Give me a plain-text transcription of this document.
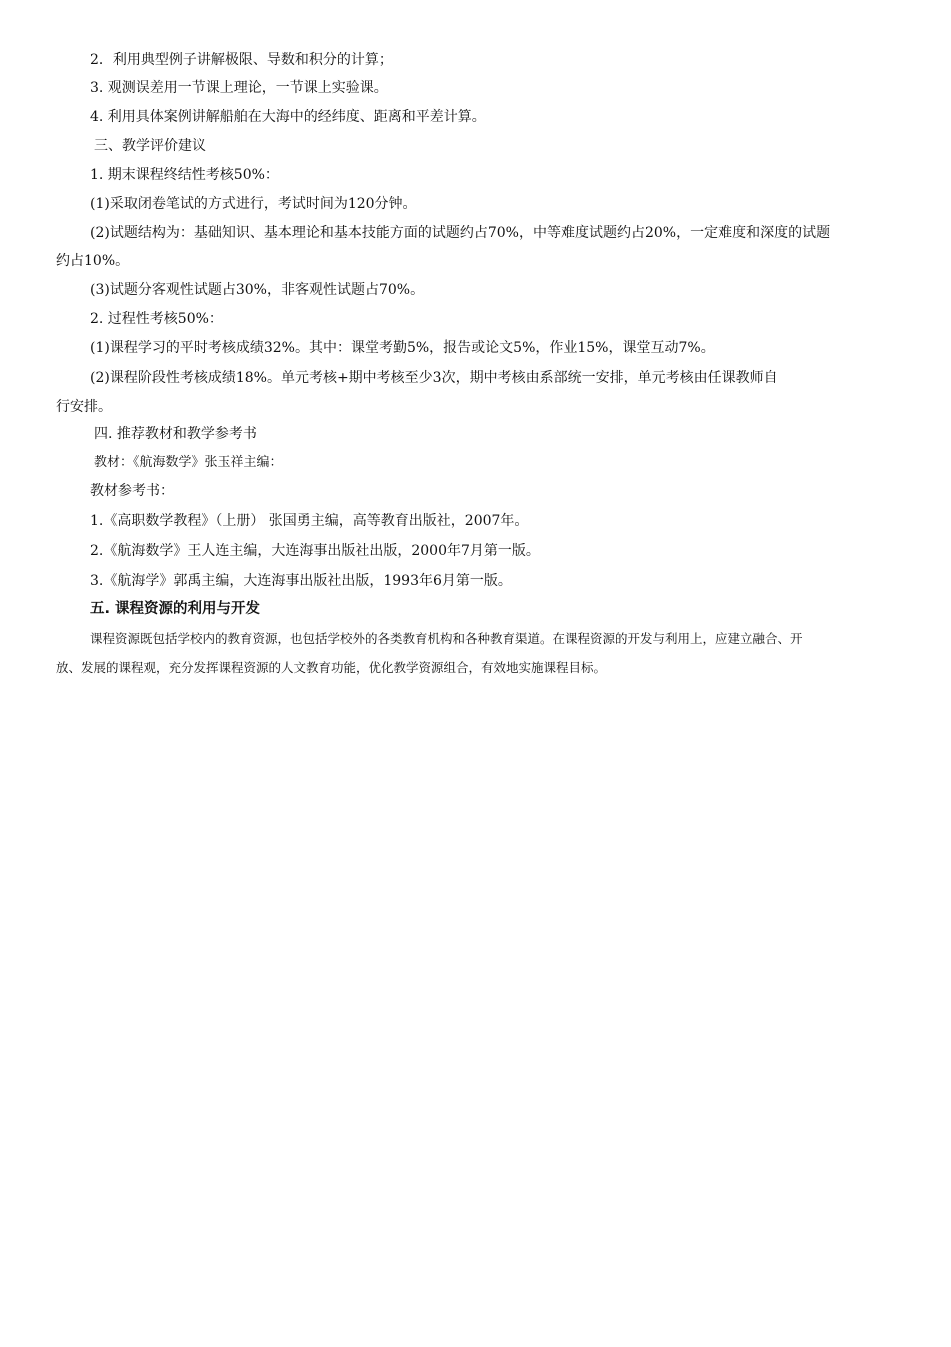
2．利用典型例子讲解极限、导数和积分的计算；
3. 观测误差用一节课上理论，一节课上实验课。
4. 利用具体案例讲解船舶在大海中的经纬度、距离和平差计算。
三、教学评价建议
1. 期末课程终结性考核50%：
(1)采取闭卷笔试的方式进行，考试时间为120分钟。
(2)试题结构为：基础知识、基本理论和基本技能方面的试题约占70%，中等难度试题约占20%，一定难度和深度的试题
约占10%。
(3)试题分客观性试题占30%，非客观性试题占70%。
2. 过程性考核50%：
(1)课程学习的平时考核成绩32%。其中：课堂考勤5%，报告或论文5%，作业15%，课堂互动7%。
(2)课程阶段性考核成绩18%。单元考核+期中考核至少3次，期中考核由系部统一安排，单元考核由任课教师自
行安排。
四. 推荐教材和教学参考书
教材：《航海数学》张玉祥主编：
教材参考书：
1.《高职数学教程》（上册） 张国勇主编，高等教育出版社，2007年。
2.《航海数学》王人连主编，大连海事出版社出版，2000年7月第一版。
3.《航海学》郭禹主编，大连海事出版社出版，1993年6月第一版。
五. 课程资源的利用与开发
课程资源既包括学校内的教育资源，也包括学校外的各类教育机构和各种教育渠道。在课程资源的开发与利用上，应建立融合、开
放、发展的课程观，充分发挥课程资源的人文教育功能，优化教学资源组合，有效地实施课程目标。
